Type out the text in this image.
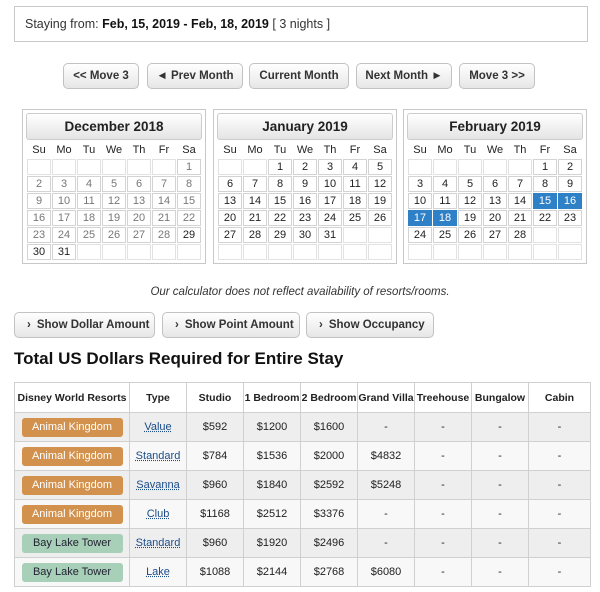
Staying from: Feb, 15, 2019 - Feb, 18, 2019 [ 3 nights ]
<< Move 3	◄ Prev Month	Current Month	Next Month ►	Move 3 >>
December 2018
Su	Mo	Tu	We	Th	Fr	Sa
						1
2	3	4	5	6	7	8
9	10	11	12	13	14	15
16	17	18	19	20	21	22
23	24	25	26	27	28	29
30	31					
January 2019
Su	Mo	Tu	We	Th	Fr	Sa
		1	2	3	4	5
6	7	8	9	10	11	12
13	14	15	16	17	18	19
20	21	22	23	24	25	26
27	28	29	30	31		

February 2019
Su	Mo	Tu	We	Th	Fr	Sa
					1	2
3	4	5	6	7	8	9
10	11	12	13	14	15	16
17	18	19	20	21	22	23
24	25	26	27	28		

Our calculator does not reflect availability of resorts/rooms.
› Show Dollar Amount	› Show Point Amount	› Show Occupancy
Total US Dollars Required for Entire Stay
Disney World Resorts	Type	Studio	1 Bedroom	2 Bedroom	Grand Villa	Treehouse	Bungalow	Cabin
Animal Kingdom	Value	$592	$1200	$1600	-	-	-	-
Animal Kingdom	Standard	$784	$1536	$2000	$4832	-	-	-
Animal Kingdom	Savanna	$960	$1840	$2592	$5248	-	-	-
Animal Kingdom	Club	$1168	$2512	$3376	-	-	-	-
Bay Lake Tower	Standard	$960	$1920	$2496	-	-	-	-
Bay Lake Tower	Lake	$1088	$2144	$2768	$6080	-	-	-
